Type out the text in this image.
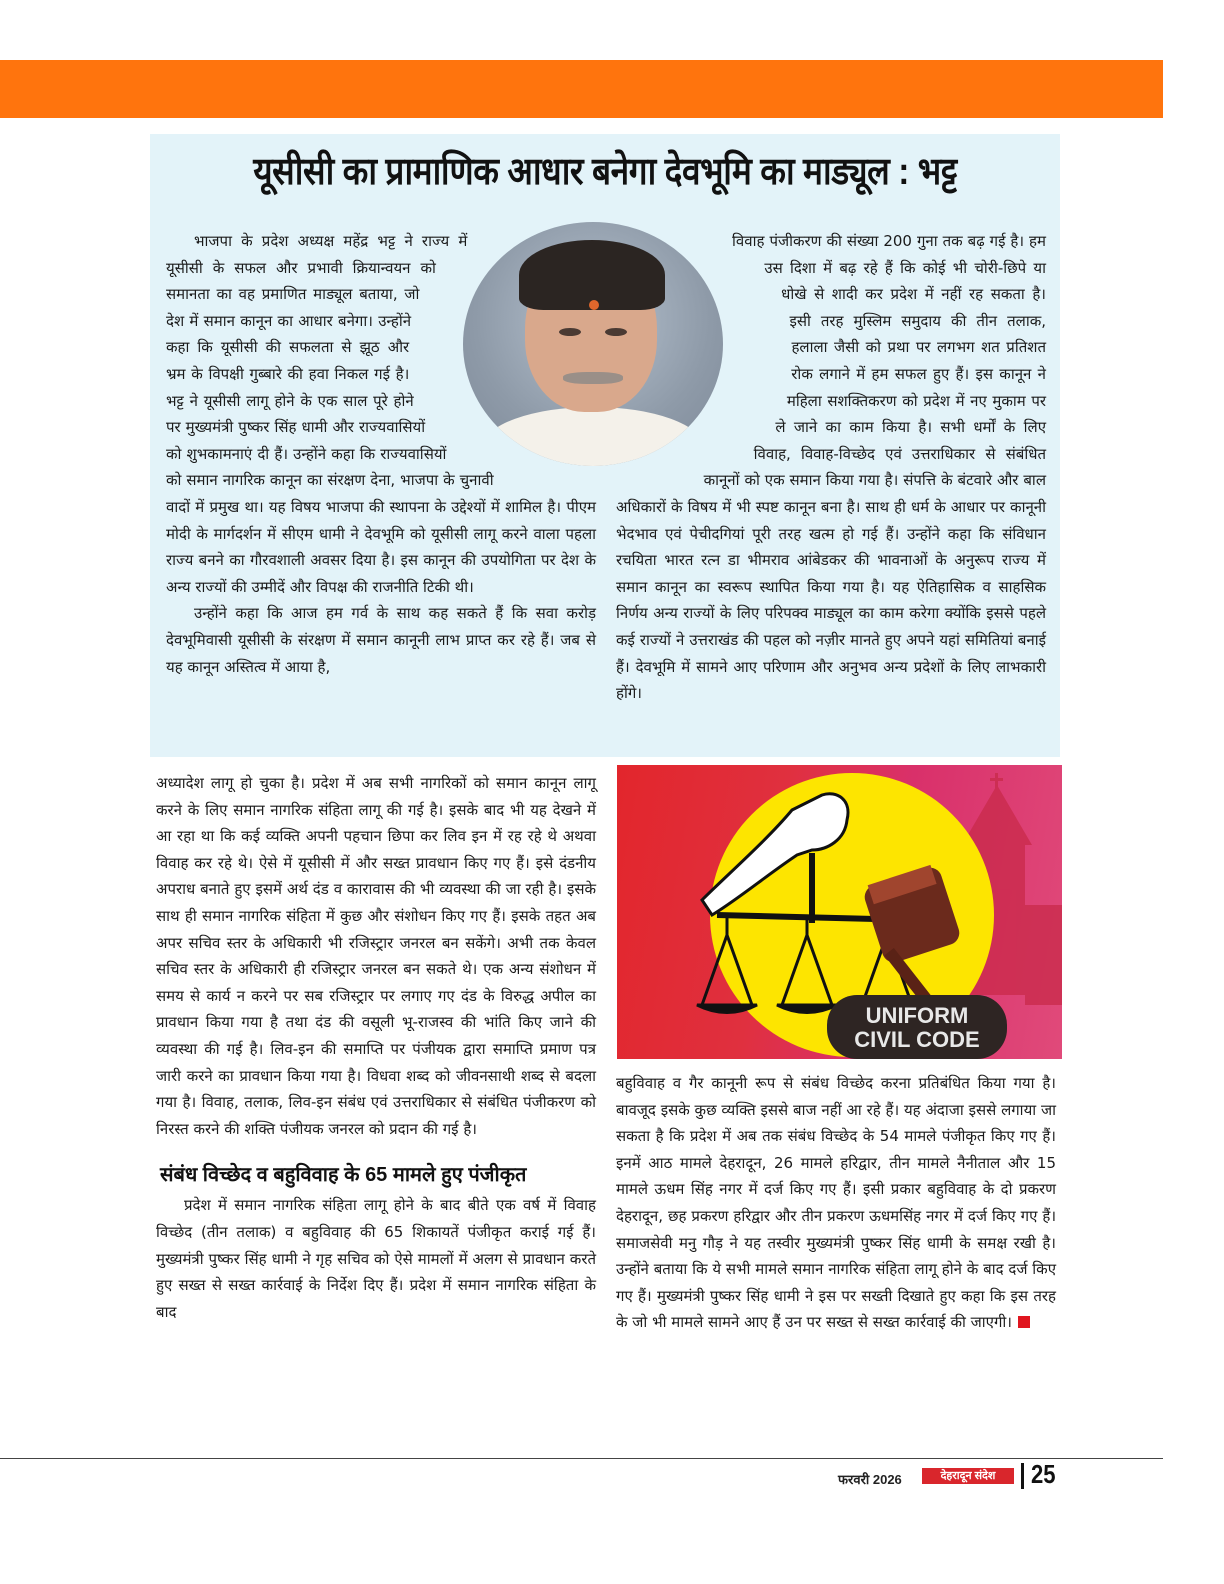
यूसीसी का प्रामाणिक आधार बनेगा देवभूमि का माड्यूल : भट्ट

भाजपा के प्रदेश अध्यक्ष महेंद्र भट्ट ने राज्य में यूसीसी के सफल और प्रभावी क्रियान्वयन को समानता का वह प्रमाणित माड्यूल बताया, जो देश में समान कानून का आधार बनेगा। उन्होंने कहा कि यूसीसी की सफलता से झूठ और भ्रम के विपक्षी गुब्बारे की हवा निकल गई है। भट्ट ने यूसीसी लागू होने के एक साल पूरे होने पर मुख्यमंत्री पुष्कर सिंह धामी और राज्यवासियों को शुभकामनाएं दी हैं। उन्होंने कहा कि राज्यवासियों को समान नागरिक कानून का संरक्षण देना, भाजपा के चुनावी वादों में प्रमुख था। यह विषय भाजपा की स्थापना के उद्देश्यों में शामिल है। पीएम मोदी के मार्गदर्शन में सीएम धामी ने देवभूमि को यूसीसी लागू करने वाला पहला राज्य बनने का गौरवशाली अवसर दिया है। इस कानून की उपयोगिता पर देश के अन्य राज्यों की उम्मीदें और विपक्ष की राजनीति टिकी थी।

उन्होंने कहा कि आज हम गर्व के साथ कह सकते हैं कि सवा करोड़ देवभूमिवासी यूसीसी के संरक्षण में समान कानूनी लाभ प्राप्त कर रहे हैं। जब से यह कानून अस्तित्व में आया है,

विवाह पंजीकरण की संख्या 200 गुना तक बढ़ गई है। हम उस दिशा में बढ़ रहे हैं कि कोई भी चोरी-छिपे या धोखे से शादी कर प्रदेश में नहीं रह सकता है। इसी तरह मुस्लिम समुदाय की तीन तलाक, हलाला जैसी को प्रथा पर लगभग शत प्रतिशत रोक लगाने में हम सफल हुए हैं। इस कानून ने महिला सशक्तिकरण को प्रदेश में नए मुकाम पर ले जाने का काम किया है। सभी धर्मों के लिए विवाह, विवाह-विच्छेद एवं उत्तराधिकार से संबंधित कानूनों को एक समान किया गया है। संपत्ति के बंटवारे और बाल अधिकारों के विषय में भी स्पष्ट कानून बना है। साथ ही धर्म के आधार पर कानूनी भेदभाव एवं पेचीदगियां पूरी तरह खत्म हो गई हैं। उन्होंने कहा कि संविधान रचयिता भारत रत्न डा भीमराव आंबेडकर की भावनाओं के अनुरूप राज्य में समान कानून का स्वरूप स्थापित किया गया है। यह ऐतिहासिक व साहसिक निर्णय अन्य राज्यों के लिए परिपक्व माड्यूल का काम करेगा क्योंकि इससे पहले कई राज्यों ने उत्तराखंड की पहल को नज़ीर मानते हुए अपने यहां समितियां बनाई हैं। देवभूमि में सामने आए परिणाम और अनुभव अन्य प्रदेशों के लिए लाभकारी होंगे।

अध्यादेश लागू हो चुका है। प्रदेश में अब सभी नागरिकों को समान कानून लागू करने के लिए समान नागरिक संहिता लागू की गई है। इसके बाद भी यह देखने में आ रहा था कि कई व्यक्ति अपनी पहचान छिपा कर लिव इन में रह रहे थे अथवा विवाह कर रहे थे। ऐसे में यूसीसी में और सख्त प्रावधान किए गए हैं। इसे दंडनीय अपराध बनाते हुए इसमें अर्थ दंड व कारावास की भी व्यवस्था की जा रही है। इसके साथ ही समान नागरिक संहिता में कुछ और संशोधन किए गए हैं। इसके तहत अब अपर सचिव स्तर के अधिकारी भी रजिस्ट्रार जनरल बन सकेंगे। अभी तक केवल सचिव स्तर के अधिकारी ही रजिस्ट्रार जनरल बन सकते थे। एक अन्य संशोधन में समय से कार्य न करने पर सब रजिस्ट्रार पर लगाए गए दंड के विरुद्ध अपील का प्रावधान किया गया है तथा दंड की वसूली भू-राजस्व की भांति किए जाने की व्यवस्था की गई है। लिव-इन की समाप्ति पर पंजीयक द्वारा समाप्ति प्रमाण पत्र जारी करने का प्रावधान किया गया है। विधवा शब्द को जीवनसाथी शब्द से बदला गया है। विवाह, तलाक, लिव-इन संबंध एवं उत्तराधिकार से संबंधित पंजीकरण को निरस्त करने की शक्ति पंजीयक जनरल को प्रदान की गई है।

संबंध विच्छेद व बहुविवाह के 65 मामले हुए पंजीकृत

प्रदेश में समान नागरिक संहिता लागू होने के बाद बीते एक वर्ष में विवाह विच्छेद (तीन तलाक) व बहुविवाह की 65 शिकायतें पंजीकृत कराई गई हैं। मुख्यमंत्री पुष्कर सिंह धामी ने गृह सचिव को ऐसे मामलों में अलग से प्रावधान करते हुए सख्त से सख्त कार्रवाई के निर्देश दिए हैं। प्रदेश में समान नागरिक संहिता के बाद

UNIFORM
CIVIL CODE

बहुविवाह व गैर कानूनी रूप से संबंध विच्छेद करना प्रतिबंधित किया गया है। बावजूद इसके कुछ व्यक्ति इससे बाज नहीं आ रहे हैं। यह अंदाजा इससे लगाया जा सकता है कि प्रदेश में अब तक संबंध विच्छेद के 54 मामले पंजीकृत किए गए हैं। इनमें आठ मामले देहरादून, 26 मामले हरिद्वार, तीन मामले नैनीताल और 15 मामले ऊधम सिंह नगर में दर्ज किए गए हैं। इसी प्रकार बहुविवाह के दो प्रकरण देहरादून, छह प्रकरण हरिद्वार और तीन प्रकरण ऊधमसिंह नगर में दर्ज किए गए हैं। समाजसेवी मनु गौड़ ने यह तस्वीर मुख्यमंत्री पुष्कर सिंह धामी के समक्ष रखी है। उन्होंने बताया कि ये सभी मामले समान नागरिक संहिता लागू होने के बाद दर्ज किए गए हैं। मुख्यमंत्री पुष्कर सिंह धामी ने इस पर सख्ती दिखाते हुए कहा कि इस तरह के जो भी मामले सामने आए हैं उन पर सख्त से सख्त कार्रवाई की जाएगी।

फरवरी 2026	देहरादून संदेश	25
